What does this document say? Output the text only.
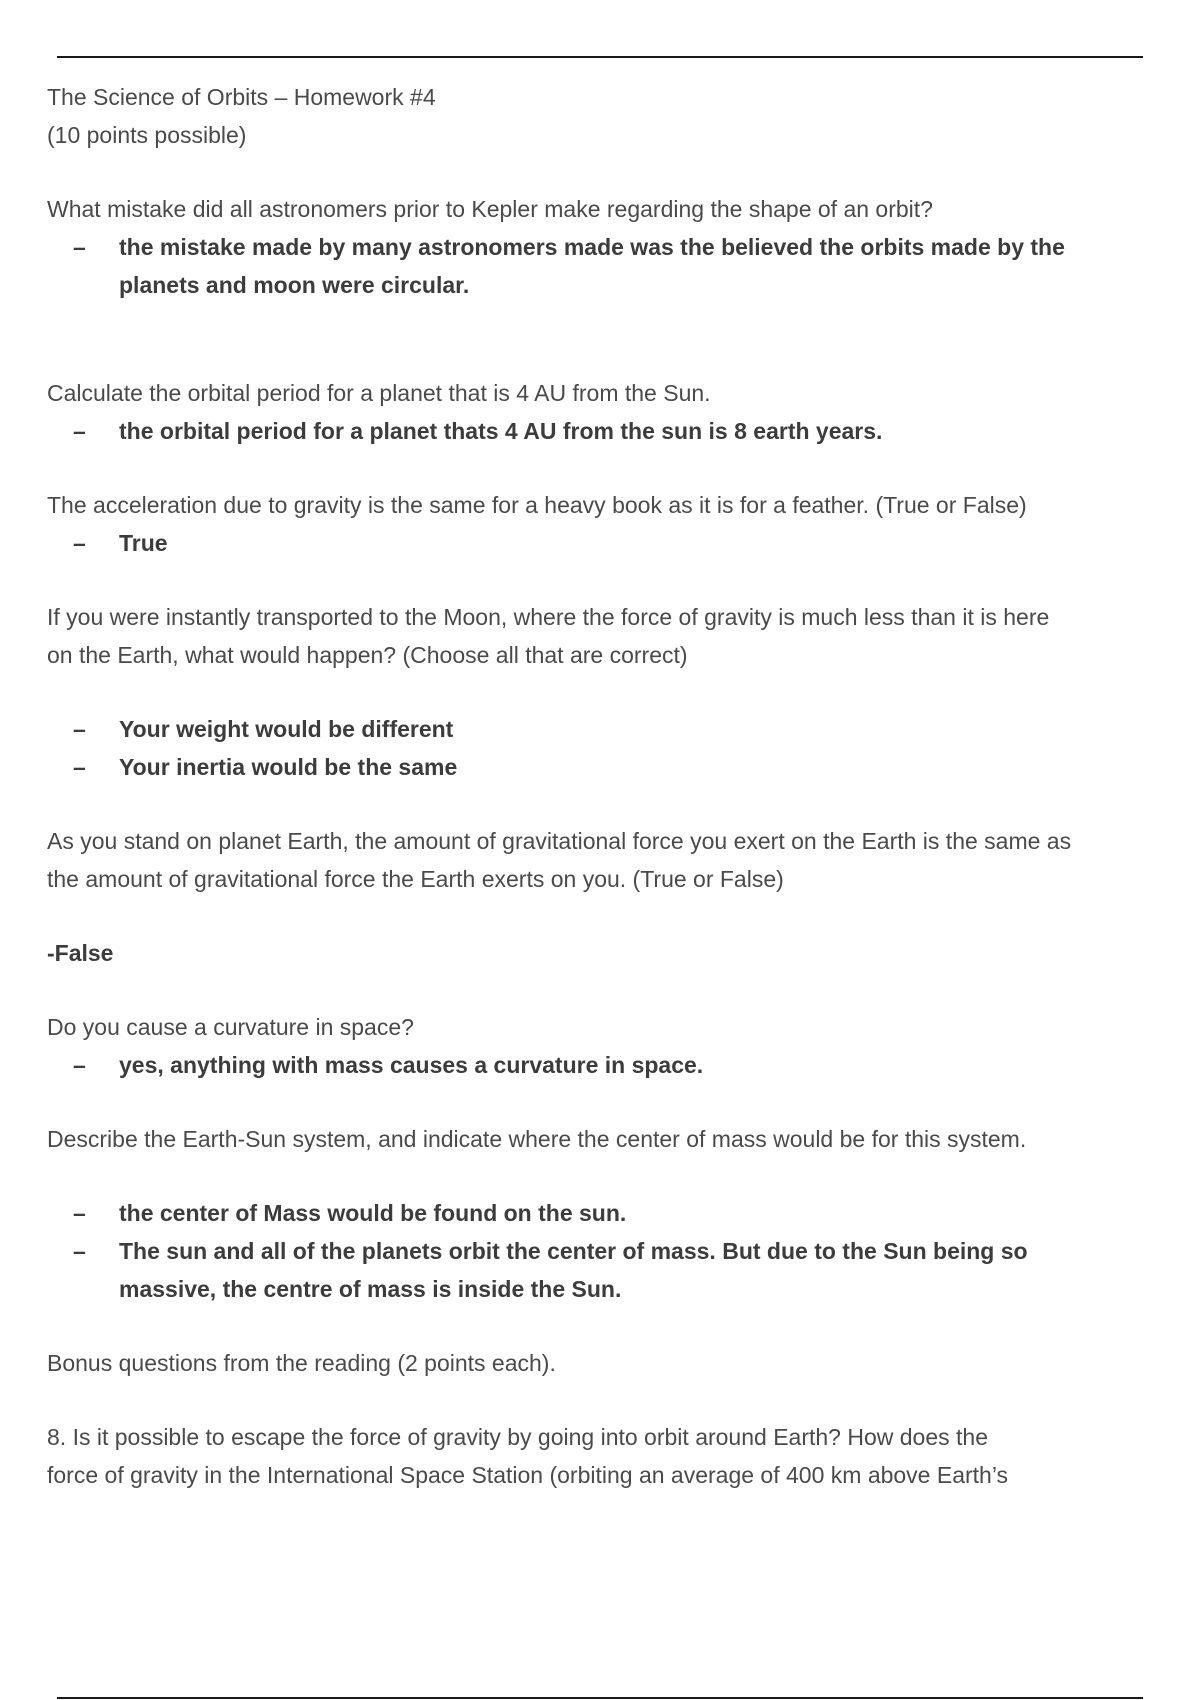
The Science of Orbits – Homework #4

(10 points possible)

What mistake did all astronomers prior to Kepler make regarding the shape of an orbit?

–	the mistake made by many astronomers made was the believed the orbits made by the
planets and moon were circular.

Calculate the orbital period for a planet that is 4 AU from the Sun.

–	the orbital period for a planet thats 4 AU from the sun is 8 earth years.

The acceleration due to gravity is the same for a heavy book as it is for a feather. (True or False)

–	True

If you were instantly transported to the Moon, where the force of gravity is much less than it is here

on the Earth, what would happen? (Choose all that are correct)

–	Your weight would be different
–	Your inertia would be the same

As you stand on planet Earth, the amount of gravitational force you exert on the Earth is the same as

the amount of gravitational force the Earth exerts on you. (True or False)

-False

Do you cause a curvature in space?

–	yes, anything with mass causes a curvature in space.

Describe the Earth-Sun system, and indicate where the center of mass would be for this system.

–	the center of Mass would be found on the sun.
–	The sun and all of the planets orbit the center of mass. But due to the Sun being so
massive, the centre of mass is inside the Sun.

Bonus questions from the reading (2 points each).

8. Is it possible to escape the force of gravity by going into orbit around Earth? How does the

force of gravity in the International Space Station (orbiting an average of 400 km above Earth’s
